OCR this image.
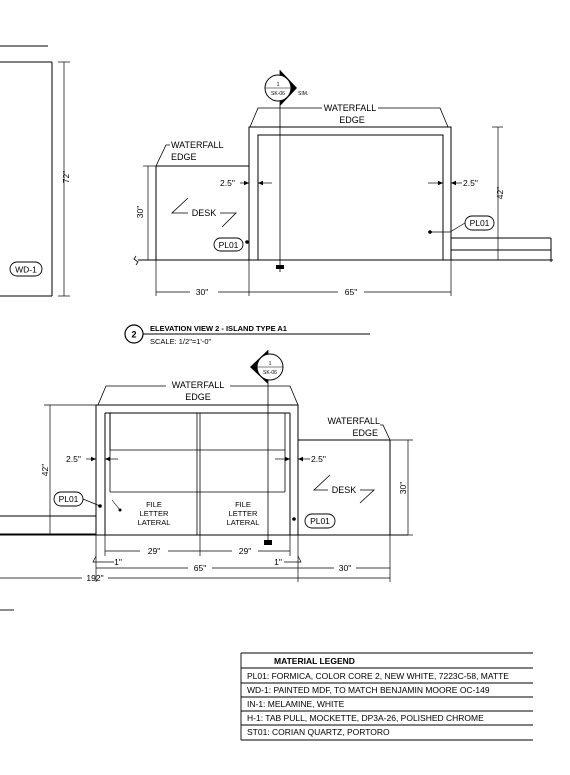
72"
WD-1
1
SK-06	SIM.
WATERFALL
EDGE
WATERFALL
EDGE
2.5"	2.5"
30"
42"
DESK
PL01
PL01
30"	65"
2
ELEVATION VIEW 2 - ISLAND TYPE A1
SCALE: 1/2"=1'-0"
1
SK-06
WATERFALL
EDGE
WATERFALL
EDGE
2.5"	2.5"
42"
30"
PL01
PL01
FILE
LETTER
LATERAL
FILE
LETTER
LATERAL
DESK
29"	29"
1"	1"
65"	30"
192"
MATERIAL LEGEND
PL01: FORMICA, COLOR CORE 2, NEW WHITE, 7223C-58, MATTE
WD-1: PAINTED MDF, TO MATCH BENJAMIN MOORE OC-149
IN-1: MELAMINE, WHITE
H-1: TAB PULL, MOCKETTE, DP3A-26, POLISHED CHROME
ST01: CORIAN QUARTZ, PORTORO
